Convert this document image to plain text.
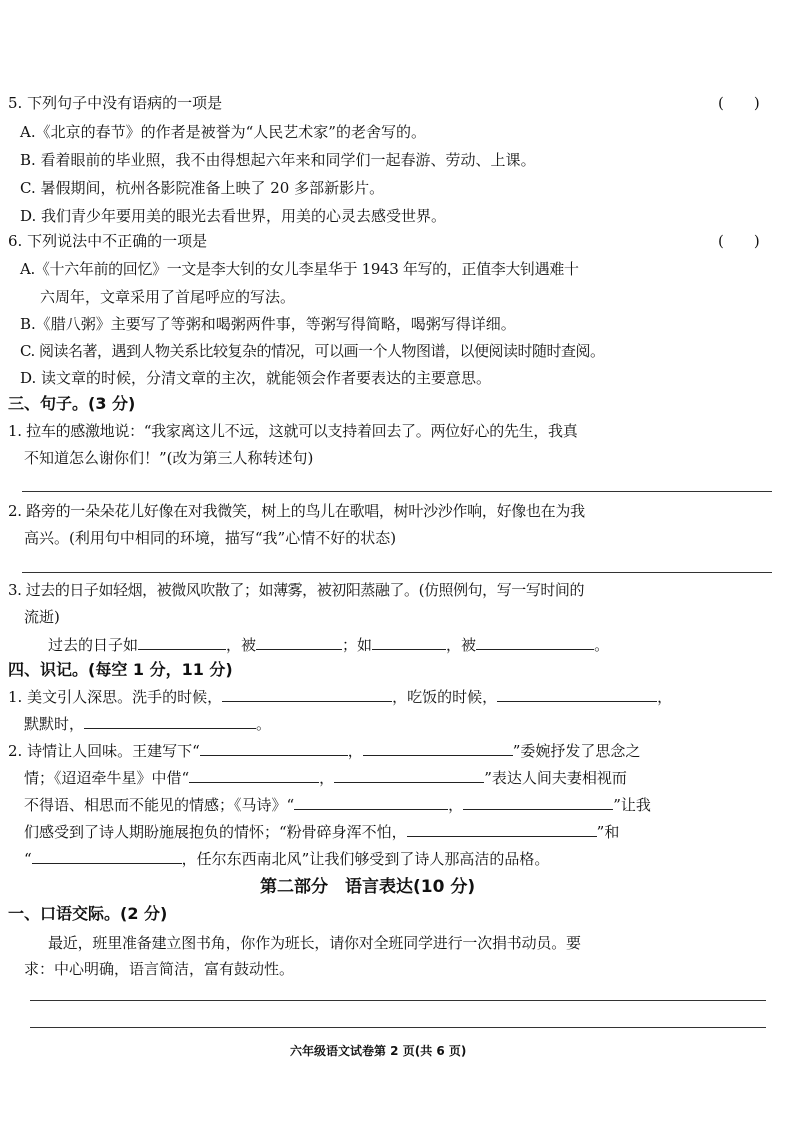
5. 下列句子中没有语病的一项是	(　　)
A.《北京的春节》的作者是被誉为“人民艺术家”的老舍写的。
B. 看着眼前的毕业照，我不由得想起六年来和同学们一起春游、劳动、上课。
C. 暑假期间，杭州各影院准备上映了 20 多部新影片。
D. 我们青少年要用美的眼光去看世界，用美的心灵去感受世界。
6. 下列说法中不正确的一项是	(　　)
A.《十六年前的回忆》一文是李大钊的女儿李星华于 1943 年写的，正值李大钊遇难十
六周年，文章采用了首尾呼应的写法。
B.《腊八粥》主要写了等粥和喝粥两件事，等粥写得简略，喝粥写得详细。
C. 阅读名著，遇到人物关系比较复杂的情况，可以画一个人物图谱，以便阅读时随时查阅。
D. 读文章的时候，分清文章的主次，就能领会作者要表达的主要意思。
三、句子。(3 分)
1. 拉车的感激地说：“我家离这儿不远，这就可以支持着回去了。两位好心的先生，我真
不知道怎么谢你们！”(改为第三人称转述句)
2. 路旁的一朵朵花儿好像在对我微笑，树上的鸟儿在歌唱，树叶沙沙作响，好像也在为我
高兴。(利用句中相同的环境，描写“我”心情不好的状态)
3. 过去的日子如轻烟，被微风吹散了；如薄雾，被初阳蒸融了。(仿照例句，写一写时间的
流逝)
过去的日子如	，被	；如	，被	。
四、识记。(每空 1 分，11 分)
1. 美文引人深思。洗手的时候，	，吃饭的时候，	，
默默时，	。
2. 诗情让人回味。王建写下“	，	”委婉抒发了思念之
情；《迢迢牵牛星》中借“	，	”表达人间夫妻相视而
不得语、相思而不能见的情感；《马诗》“	，	”让我
们感受到了诗人期盼施展抱负的情怀；“粉骨碎身浑不怕，	”和
“	，任尔东西南北风”让我们够受到了诗人那高洁的品格。
第二部分　语言表达(10 分)
一、口语交际。(2 分)
最近，班里准备建立图书角，你作为班长，请你对全班同学进行一次捐书动员。要
求：中心明确，语言简洁，富有鼓动性。
六年级语文试卷第 2 页(共 6 页)
